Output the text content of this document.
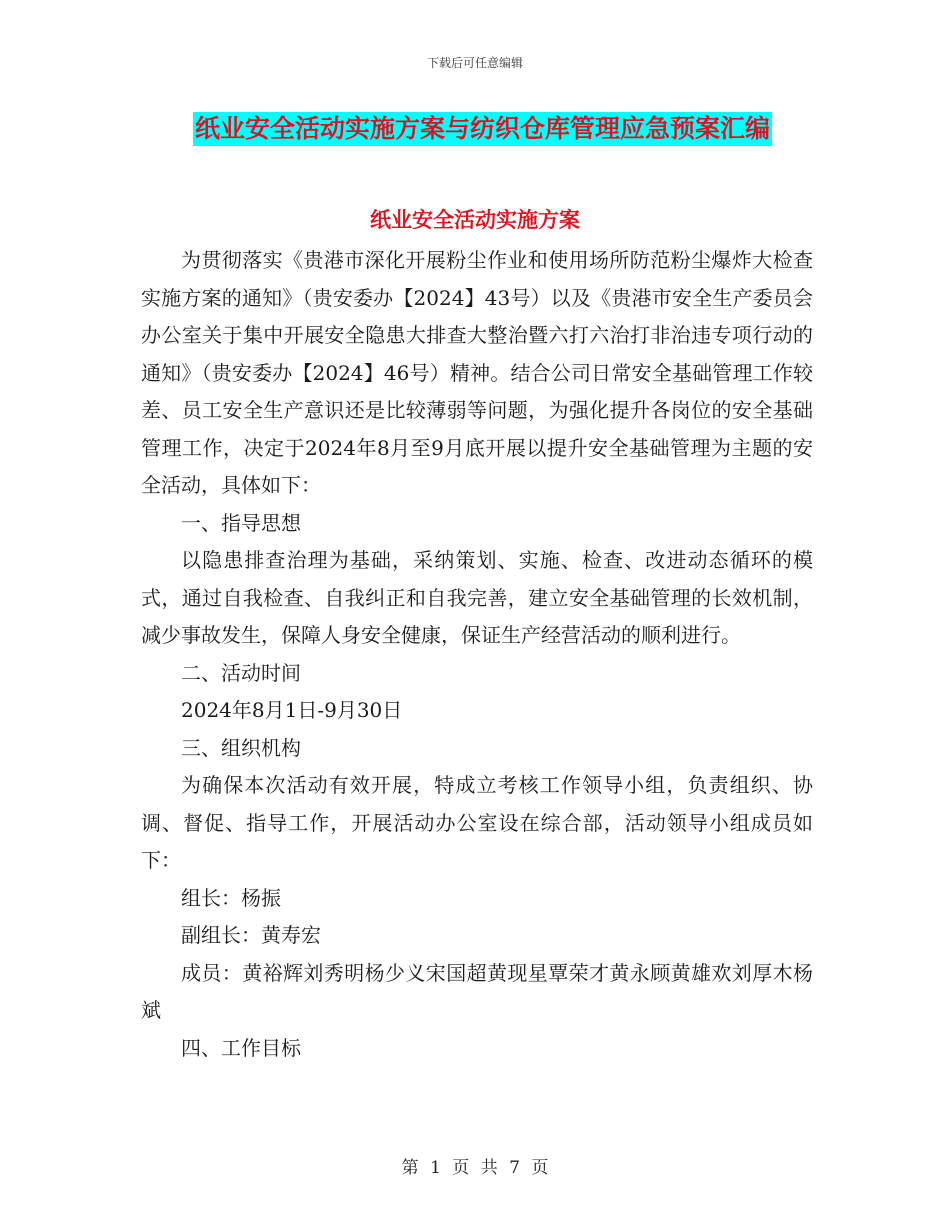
下载后可任意编辑
纸业安全活动实施方案与纺织仓库管理应急预案汇编
纸业安全活动实施方案

为贯彻落实《贵港市深化开展粉尘作业和使用场所防范粉尘爆炸大检查实施方案的通知》（贵安委办【2024】43号）以及《贵港市安全生产委员会办公室关于集中开展安全隐患大排查大整治暨六打六治打非治违专项行动的通知》（贵安委办【2024】46号）精神。结合公司日常安全基础管理工作较差、员工安全生产意识还是比较薄弱等问题，为强化提升各岗位的安全基础管理工作，决定于2024年8月至9月底开展以提升安全基础管理为主题的安全活动，具体如下：

一、指导思想

以隐患排查治理为基础，采纳策划、实施、检查、改进动态循环的模式，通过自我检查、自我纠正和自我完善，建立安全基础管理的长效机制，减少事故发生，保障人身安全健康，保证生产经营活动的顺利进行。

二、活动时间

2024年8月1日-9月30日

三、组织机构

为确保本次活动有效开展，特成立考核工作领导小组，负责组织、协调、督促、指导工作，开展活动办公室设在综合部，活动领导小组成员如下：

组长：杨振

副组长：黄寿宏

成员：黄裕辉刘秀明杨少义宋国超黄现星覃荣才黄永顾黄雄欢刘厚木杨斌

四、工作目标

第 1 页 共 7 页
